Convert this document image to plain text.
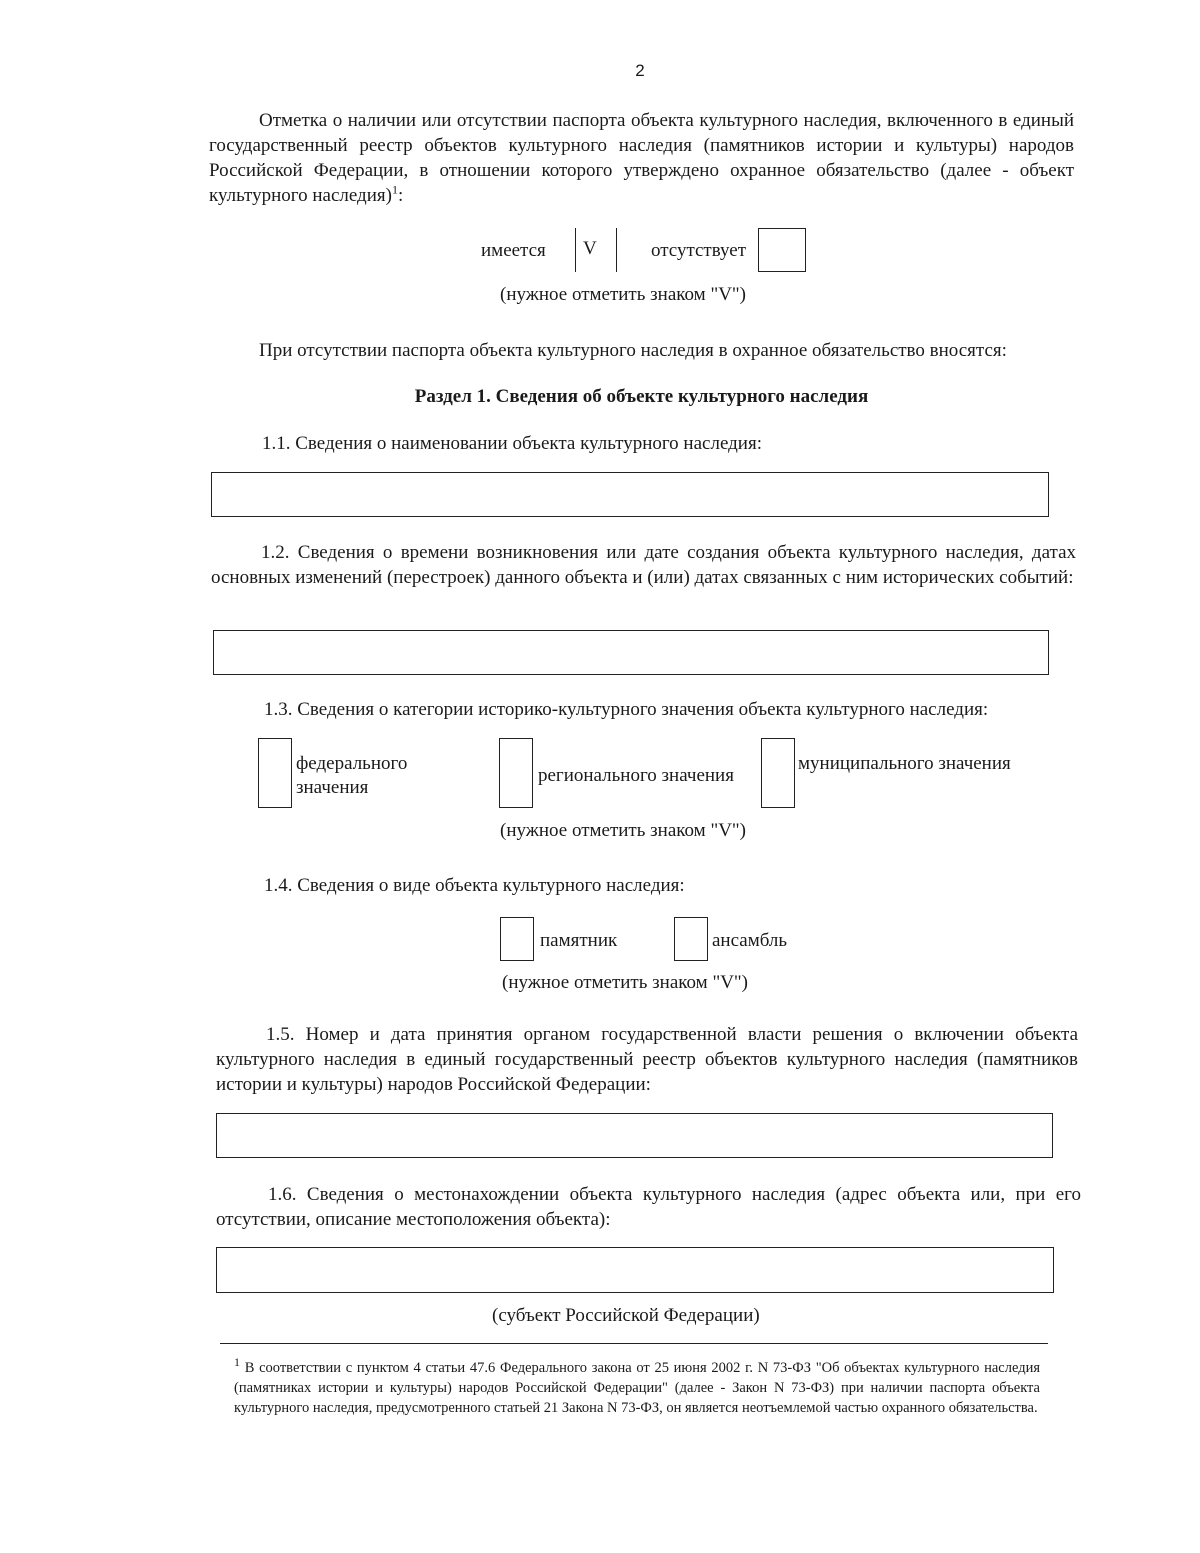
2
Отметка о наличии или отсутствии паспорта объекта культурного наследия, включенного в единый государственный реестр объектов культурного наследия (памятников истории и культуры) народов Российской Федерации, в отношении которого утверждено охранное обязательство (далее - объект культурного наследия)$^1$:
имеется V	отсутствует
(нужное отметить знаком "V")
При отсутствии паспорта объекта культурного наследия в охранное обязательство вносятся:
Раздел 1. Сведения об объекте культурного наследия
1.1. Сведения о наименовании объекта культурного наследия:
1.2. Сведения о времени возникновения или дате создания объекта культурного наследия, датах основных изменений (перестроек) данного объекта и (или) датах связанных с ним исторических событий:
1.3. Сведения о категории историко-культурного значения объекта культурного наследия:
федерального
значения
регионального значения
муниципального значения
(нужное отметить знаком "V")
1.4. Сведения о виде объекта культурного наследия:
памятник	ансамбль
(нужное отметить знаком "V")
1.5. Номер и дата принятия органом государственной власти решения о включении объекта культурного наследия в единый государственный реестр объектов культурного наследия (памятников истории и культуры) народов Российской Федерации:
1.6. Сведения о местонахождении объекта культурного наследия (адрес объекта или, при его отсутствии, описание местоположения объекта):
(субъект Российской Федерации)
$^1$ В соответствии с пунктом 4 статьи 47.6 Федерального закона от 25 июня 2002 г. N 73-ФЗ "Об объектах культурного наследия (памятниках истории и культуры) народов Российской Федерации" (далее - Закон N 73-ФЗ) при наличии паспорта объекта культурного наследия, предусмотренного статьей 21 Закона N 73-ФЗ, он является неотъемлемой частью охранного обязательства.
